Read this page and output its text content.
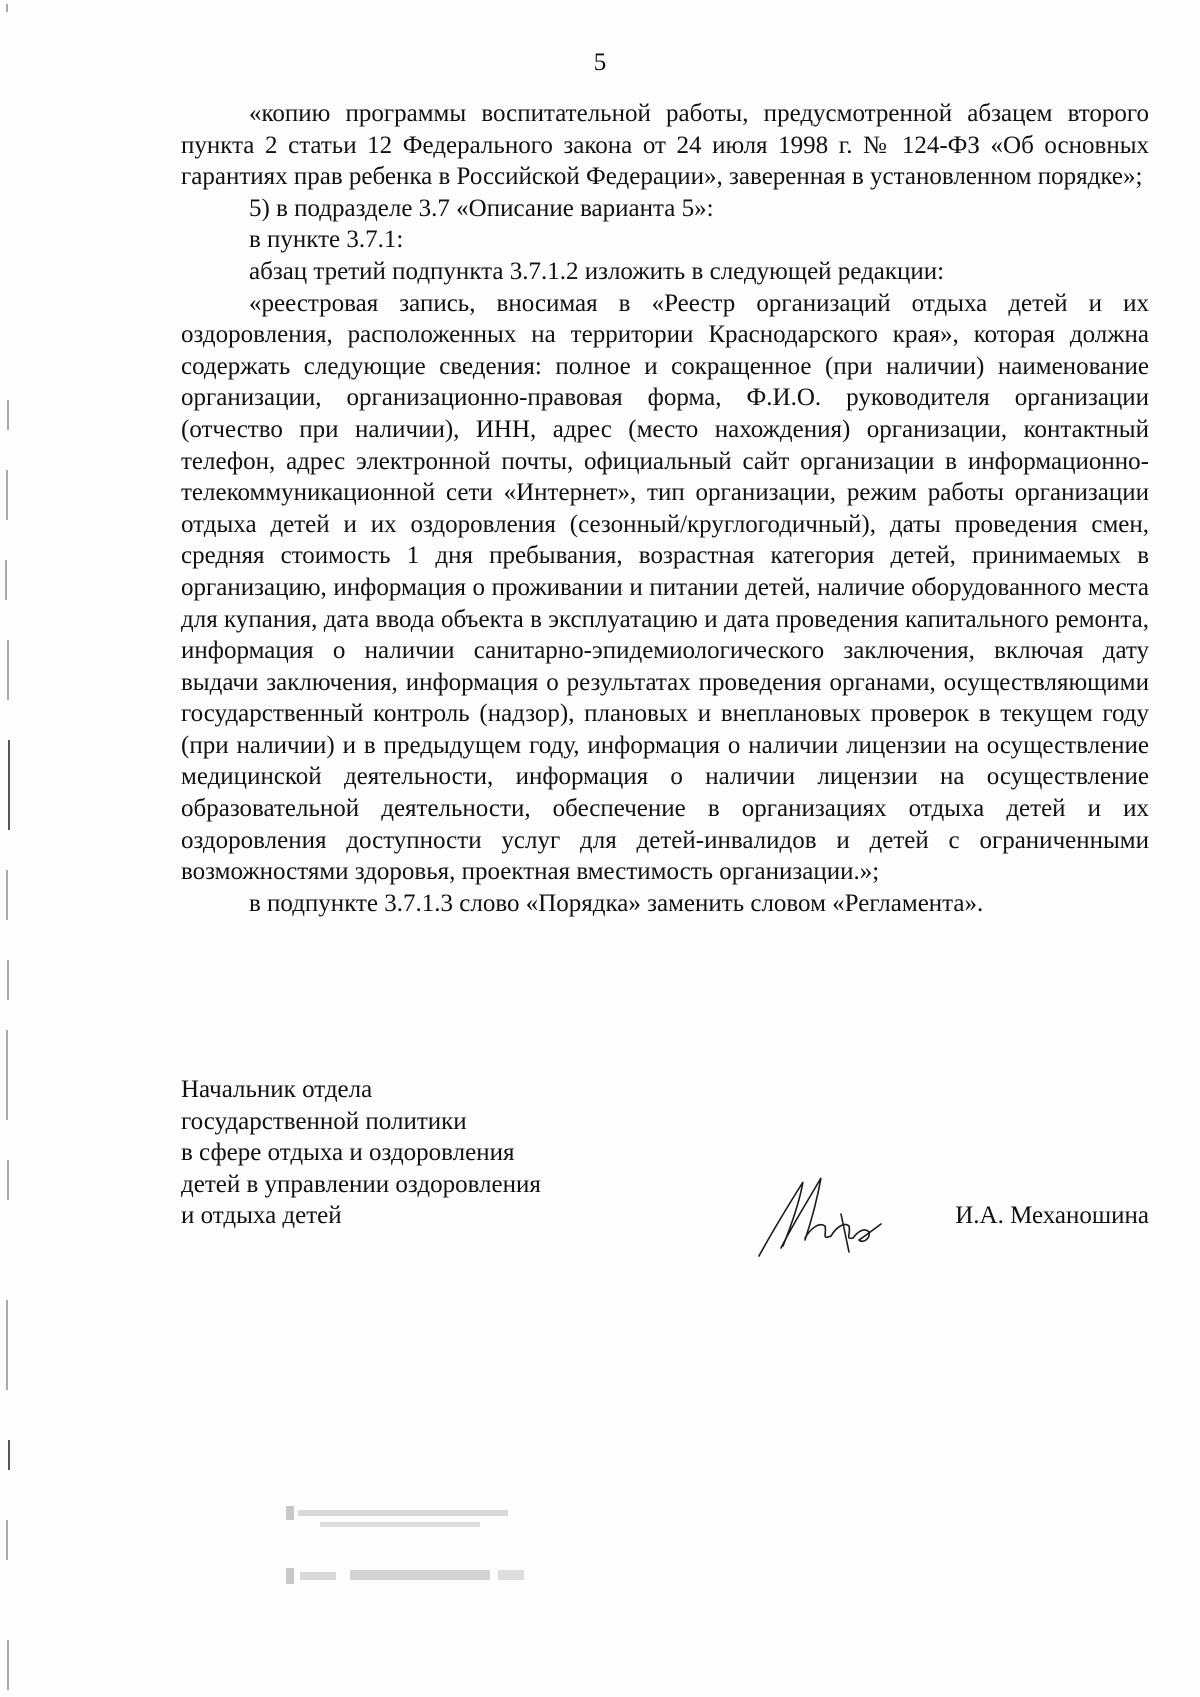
5

«копию программы воспитательной работы, предусмотренной абзацем второго пункта 2 статьи 12 Федерального закона от 24 июля 1998 г. № 124-ФЗ «Об основных гарантиях прав ребенка в Российской Федерации», заверенная в установленном порядке»;

5) в подразделе 3.7 «Описание варианта 5»:

в пункте 3.7.1:

абзац третий подпункта 3.7.1.2 изложить в следующей редакции:

«реестровая запись, вносимая в «Реестр организаций отдыха детей и их оздоровления, расположенных на территории Краснодарского края», которая должна содержать следующие сведения: полное и сокращенное (при наличии) наименование организации, организационно-правовая форма, Ф.И.О. руководителя организации (отчество при наличии), ИНН, адрес (место нахождения) организации, контактный телефон, адрес электронной почты, официальный сайт организации в информационно-телекоммуникационной сети «Интернет», тип организации, режим работы организации отдыха детей и их оздоровления (сезонный/круглогодичный), даты проведения смен, средняя стоимость 1 дня пребывания, возрастная категория детей, принимаемых в организацию, информация о проживании и питании детей, наличие оборудованного места для купания, дата ввода объекта в эксплуатацию и дата проведения капитального ремонта, информация о наличии санитарно-эпидемиологического заключения, включая дату выдачи заключения, информация о результатах проведения органами, осуществляющими государственный контроль (надзор), плановых и внеплановых проверок в текущем году (при наличии) и в предыдущем году, информация о наличии лицензии на осуществление медицинской деятельности, информация о наличии лицензии на осуществление образовательной деятельности, обеспечение в организациях отдыха детей и их оздоровления доступности услуг для детей-инвалидов и детей с ограниченными возможностями здоровья, проектная вместимость организации.»;

в подпункте 3.7.1.3 слово «Порядка» заменить словом «Регламента».

Начальник отдела
государственной политики
в сфере отдыха и оздоровления
детей в управлении оздоровления
и отдыха детей	И.А. Механошина
